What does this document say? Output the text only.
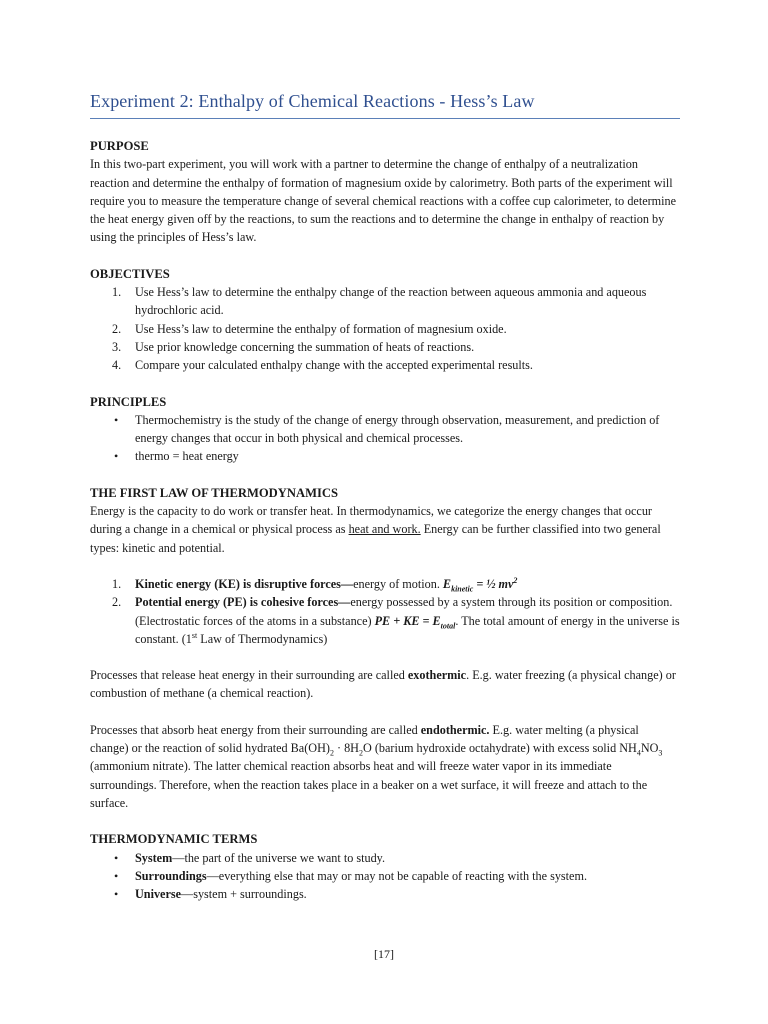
Experiment 2: Enthalpy of Chemical Reactions - Hess’s Law

PURPOSE

In this two-part experiment, you will work with a partner to determine the change of enthalpy of a neutralization reaction and determine the enthalpy of formation of magnesium oxide by calorimetry. Both parts of the experiment will require you to measure the temperature change of several chemical reactions with a coffee cup calorimeter, to determine the heat energy given off by the reactions, to sum the reactions and to determine the change in enthalpy of reaction by using the principles of Hess’s law.

OBJECTIVES

1. Use Hess’s law to determine the enthalpy change of the reaction between aqueous ammonia and aqueous hydrochloric acid.
2. Use Hess’s law to determine the enthalpy of formation of magnesium oxide.
3. Use prior knowledge concerning the summation of heats of reactions.
4. Compare your calculated enthalpy change with the accepted experimental results.

PRINCIPLES

• Thermochemistry is the study of the change of energy through observation, measurement, and prediction of energy changes that occur in both physical and chemical processes.
• thermo = heat energy

THE FIRST LAW OF THERMODYNAMICS

Energy is the capacity to do work or transfer heat. In thermodynamics, we categorize the energy changes that occur during a change in a chemical or physical process as heat and work. Energy can be further classified into two general types: kinetic and potential.

1. Kinetic energy (KE) is disruptive forces—energy of motion. $E_{kinetic}$ = ½ $mv^2$
2. Potential energy (PE) is cohesive forces—energy possessed by a system through its position or composition. (Electrostatic forces of the atoms in a substance) PE + KE = $E_{total}$. The total amount of energy in the universe is constant. (1st Law of Thermodynamics)

Processes that release heat energy in their surrounding are called exothermic. E.g. water freezing (a physical change) or combustion of methane (a chemical reaction).

Processes that absorb heat energy from their surrounding are called endothermic. E.g. water melting (a physical change) or the reaction of solid hydrated $Ba(OH)_2 \cdot 8H_2O$ (barium hydroxide octahydrate) with excess solid $NH_4NO_3$ (ammonium nitrate). The latter chemical reaction absorbs heat and will freeze water vapor in its immediate surroundings. Therefore, when the reaction takes place in a beaker on a wet surface, it will freeze and attach to the surface.

THERMODYNAMIC TERMS

• System—the part of the universe we want to study.
• Surroundings—everything else that may or may not be capable of reacting with the system.
• Universe—system + surroundings.
[17]
